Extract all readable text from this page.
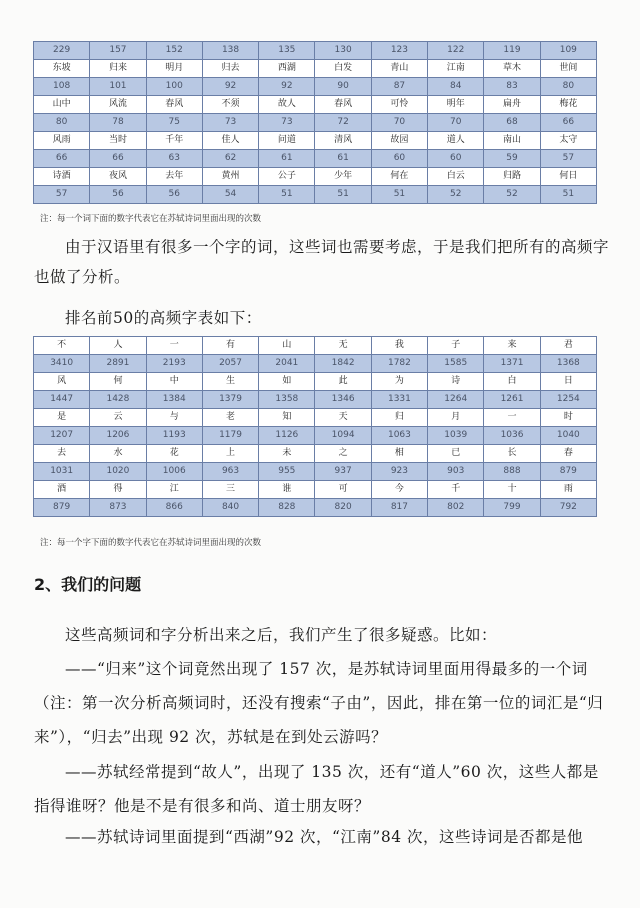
229	157	152	138	135	130	123	122	119	109
东坡	归来	明月	归去	西湖	白发	青山	江南	草木	世间
108	101	100	92	92	90	87	84	83	80
山中	风流	春风	不须	故人	春风	可怜	明年	扁舟	梅花
80	78	75	73	73	72	70	70	68	66
风雨	当时	千年	佳人	问道	清风	故园	道人	南山	太守
66	66	63	62	61	61	60	60	59	57
诗酒	夜风	去年	黄州	公子	少年	何在	白云	归路	何日
57	56	56	54	51	51	51	52	52	51
注：每一个词下面的数字代表它在苏轼诗词里面出现的次数

由于汉语里有很多一个字的词，这些词也需要考虑，于是我们把所有的高频字也做了分析。

排名前50的高频字表如下：

不	人	一	有	山	无	我	子	来	君
3410	2891	2193	2057	2041	1842	1782	1585	1371	1368
风	何	中	生	如	此	为	诗	白	日
1447	1428	1384	1379	1358	1346	1331	1264	1261	1254
是	云	与	老	知	天	归	月	一	时
1207	1206	1193	1179	1126	1094	1063	1039	1036	1040
去	水	花	上	未	之	相	已	长	春
1031	1020	1006	963	955	937	923	903	888	879
酒	得	江	三	谁	可	今	千	十	雨
879	873	866	840	828	820	817	802	799	792
注：每一个字下面的数字代表它在苏轼诗词里面出现的次数
2、我们的问题

这些高频词和字分析出来之后，我们产生了很多疑惑。比如：

——“归来”这个词竟然出现了 157 次，是苏轼诗词里面用得最多的一个词（注：第一次分析高频词时，还没有搜索“子由”，因此，排在第一位的词汇是“归来”），“归去”出现 92 次，苏轼是在到处云游吗？

——苏轼经常提到“故人”，出现了 135 次，还有“道人”60 次，这些人都是指得谁呀？他是不是有很多和尚、道士朋友呀？

——苏轼诗词里面提到“西湖”92 次，“江南”84 次，这些诗词是否都是他
